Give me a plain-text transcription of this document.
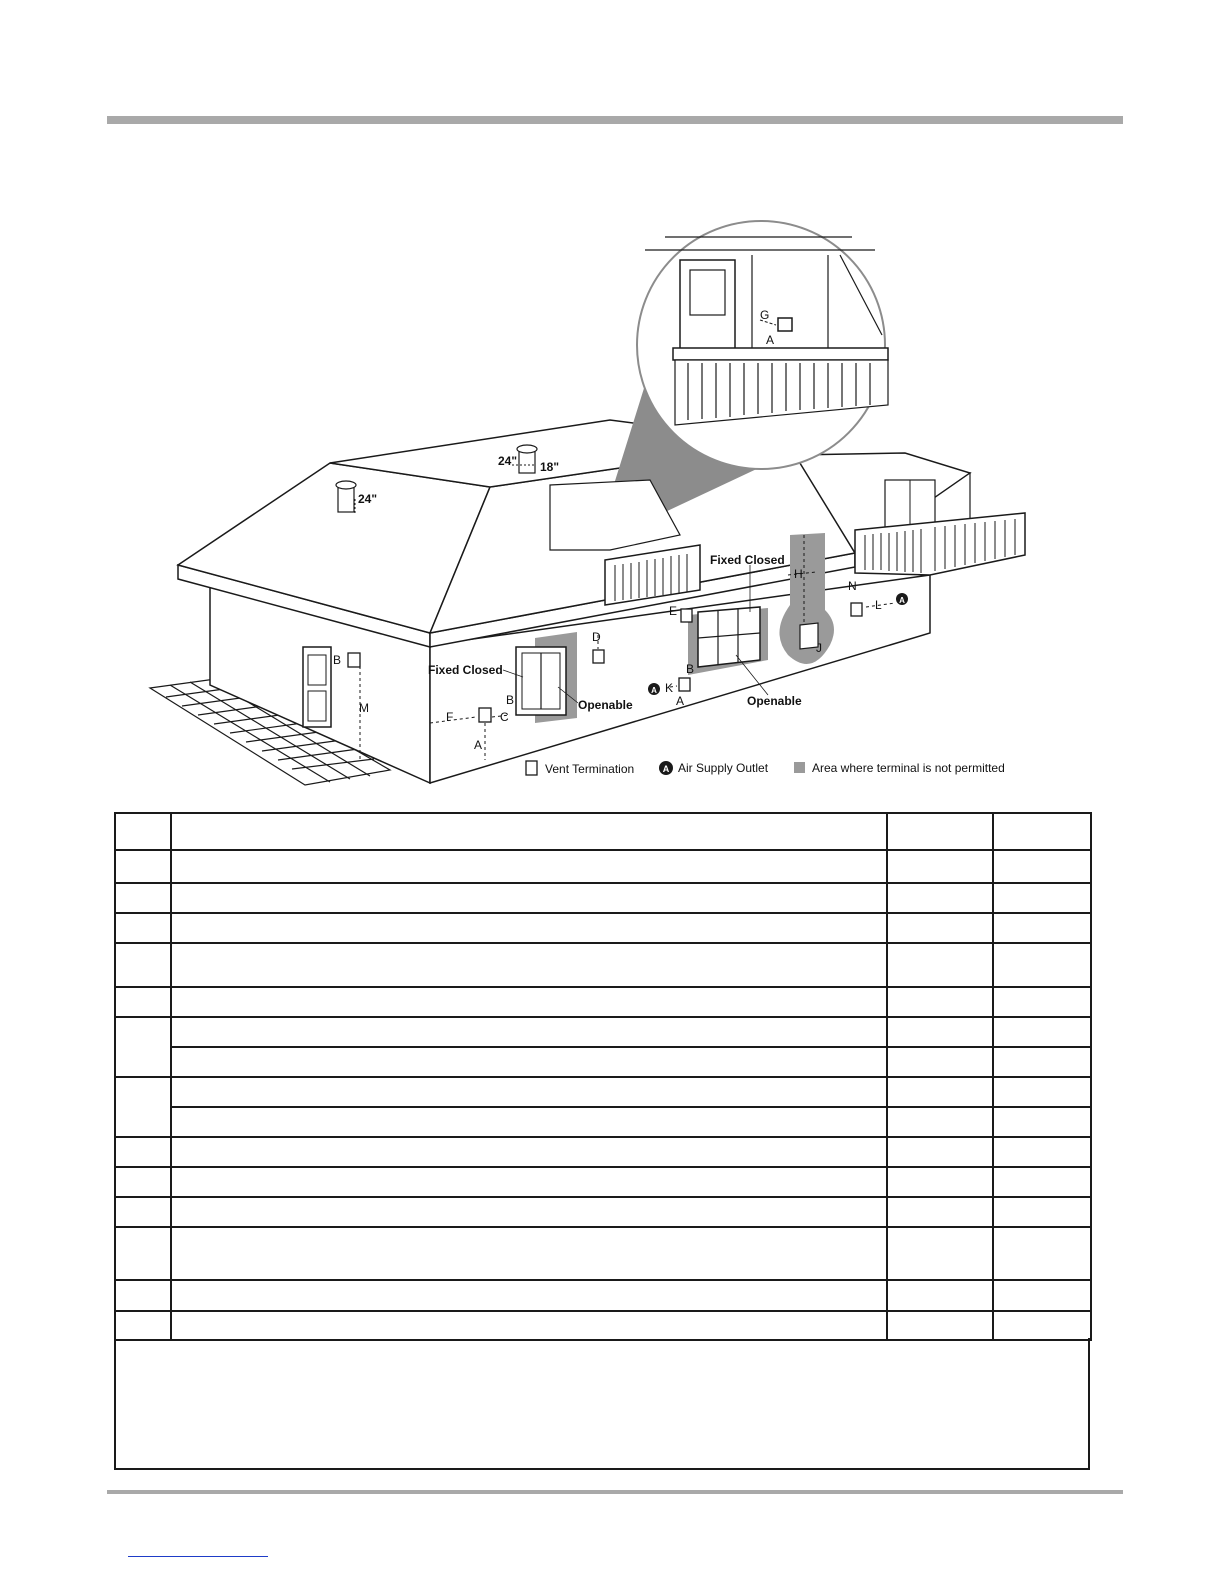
A
A
G
A
B
M
F	C
B
A
D
E
B
K
A
H
J
N
L
24"
24" 18"
Fixed Closed
Fixed Closed
Openable	Openable
Vent Termination	A Air Supply Outlet	Area where terminal is not permitted
